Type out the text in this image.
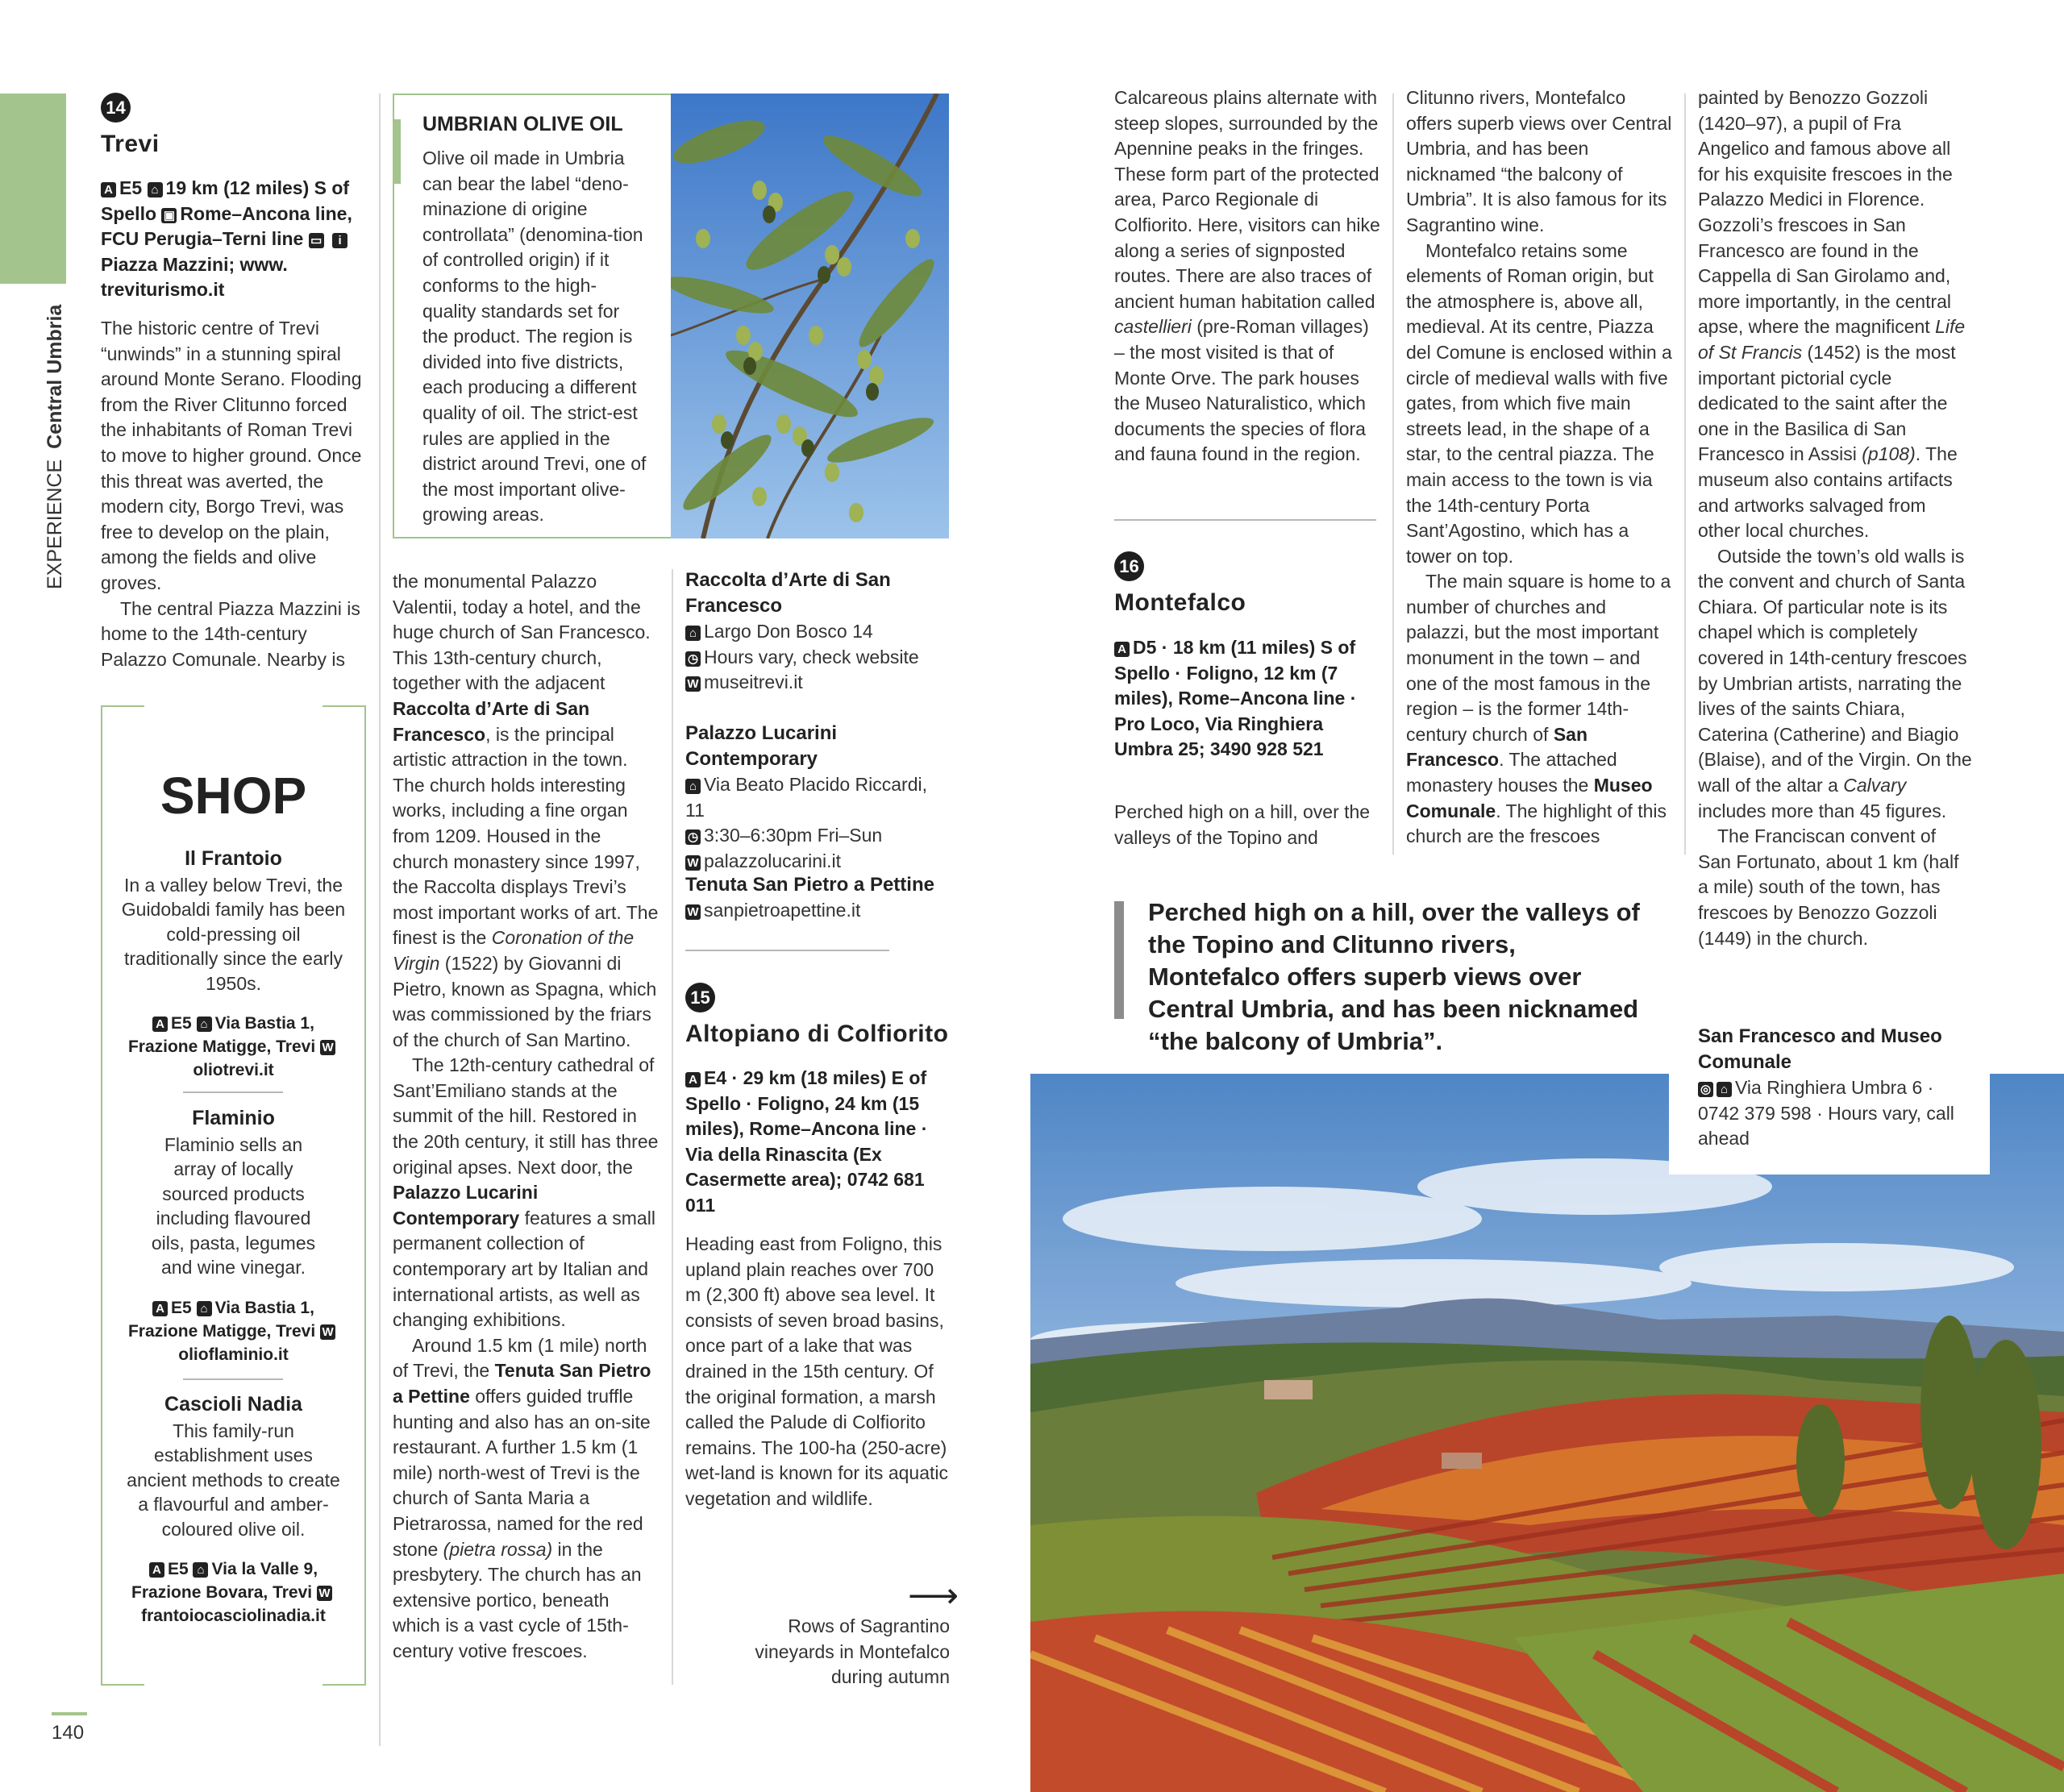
EXPERIENCE Central Umbria
140
14
Trevi
A E5 ⌂ 19 km (12 miles) S of Spello ▣ Rome–Ancona line, FCU Perugia–Terni line ▭ iPiazza Mazzini; www. treviturismo.it

The historic centre of Trevi “unwinds” in a stunning spiral around Monte Serano. Flooding from the River Clitunno forced the inhabitants of Roman Trevi to move to higher ground. Once this threat was averted, the modern city, Borgo Trevi, was free to develop on the plain, among the fields and olive groves.

The central Piazza Mazzini is home to the 14th-century Palazzo Comunale. Nearby is

SHOP
Il Frantoio
In a valley below Trevi, the Guidobaldi family has been cold-pressing oil traditionally since the early 1950s.
A E5 ⌂ Via Bastia 1, Frazione Matigge, Trevi Woliotrevi.it
Flaminio
Flaminio sells an array of locally sourced products including flavoured oils, pasta, legumes and wine vinegar.
A E5 ⌂ Via Bastia 1, Frazione Matigge, Trevi Wolioflaminio.it
Cascioli Nadia
This family-run establishment uses ancient methods to create a flavourful and amber-coloured olive oil.
A E5 ⌂ Via la Valle 9, Frazione Bovara, Trevi Wfrantoiocasciolinadia.it
UMBRIAN OLIVE OIL
Olive oil made in Umbria can bear the label “deno-minazione di origine controllata” (denomina-tion of controlled origin) if it conforms to the high-quality standards set for the product. The region is divided into five districts, each producing a different quality of oil. The strict-est rules are applied in the district around Trevi, one of the most important olive-growing areas.

the monumental Palazzo Valentii, today a hotel, and the huge church of San Francesco. This 13th-century church, together with the adjacent Raccolta d’Arte di San Francesco, is the principal artistic attraction in the town. The church holds interesting works, including a fine organ from 1209. Housed in the church monastery since 1997, the Raccolta displays Trevi’s most important works of art. The finest is the Coronation of the Virgin (1522) by Giovanni di Pietro, known as Spagna, which was commissioned by the friars of the church of San Martino.

The 12th-century cathedral of Sant’Emiliano stands at the summit of the hill. Restored in the 20th century, it still has three original apses. Next door, the Palazzo Lucarini Contemporary features a small permanent collection of contemporary art by Italian and international artists, as well as changing exhibitions.

Around 1.5 km (1 mile) north of Trevi, the Tenuta San Pietro a Pettine offers guided truffle hunting and also has an on-site restaurant. A further 1.5 km (1 mile) north-west of Trevi is the church of Santa Maria a Pietrarossa, named for the red stone (pietra rossa) in the presbytery. The church has an extensive portico, beneath which is a vast cycle of 15th-century votive frescoes.

Raccolta d’Arte di San Francesco
⌂ Largo Don Bosco 14
◷ Hours vary, check website
W museitrevi.it
Palazzo Lucarini Contemporary
⌂ Via Beato Placido Riccardi, 11
◷ 3:30–6:30pm Fri–Sun
W palazzolucarini.it
Tenuta San Pietro a Pettine
W sanpietroapettine.it
15
Altopiano di Colfiorito
A E4 · 29 km (18 miles) E of Spello · Foligno, 24 km (15 miles), Rome–Ancona line · Via della Rinascita (Ex Casermette area); 0742 681 011
Heading east from Foligno, this upland plain reaches over 700 m (2,300 ft) above sea level. It consists of seven broad basins, once part of a lake that was drained in the 15th century. Of the original formation, a marsh called the Palude di Colfiorito remains. The 100-ha (250-acre) wet-land is known for its aquatic vegetation and wildlife.
⟶
Rows of Sagrantino vineyards in Montefalco during autumn

Calcareous plains alternate with steep slopes, surrounded by the Apennine peaks in the fringes. These form part of the protected area, Parco Regionale di Colfiorito. Here, visitors can hike along a series of signposted routes. There are also traces of ancient human habitation called castellieri (pre-Roman villages) – the most visited is that of Monte Orve. The park houses the Museo Naturalistico, which documents the species of flora and fauna found in the region.

16
Montefalco
A D5 · 18 km (11 miles) S of Spello · Foligno, 12 km (7 miles), Rome–Ancona line · Pro Loco, Via Ringhiera Umbra 25; 3490 928 521
Perched high on a hill, over the valleys of the Topino and

Clitunno rivers, Montefalco offers superb views over Central Umbria, and has been nicknamed “the balcony of Umbria”. It is also famous for its Sagrantino wine.

Montefalco retains some elements of Roman origin, but the atmosphere is, above all, medieval. At its centre, Piazza del Comune is enclosed within a circle of medieval walls with five gates, from which five main streets lead, in the shape of a star, to the central piazza. The main access to the town is via the 14th-century Porta Sant’Agostino, which has a tower on top.

The main square is home to a number of churches and palazzi, but the most important monument in the town – and one of the most famous in the region – is the former 14th-century church of San Francesco. The attached monastery houses the Museo Comunale. The highlight of this church are the frescoes

painted by Benozzo Gozzoli (1420–97), a pupil of Fra Angelico and famous above all for his exquisite frescoes in the Palazzo Medici in Florence. Gozzoli’s frescoes in San Francesco are found in the Cappella di San Girolamo and, more importantly, in the central apse, where the magnificent Life of St Francis (1452) is the most important pictorial cycle dedicated to the saint after the one in the Basilica di San Francesco in Assisi (p108). The museum also contains artifacts and artworks salvaged from other local churches.

Outside the town’s old walls is the convent and church of Santa Chiara. Of particular note is its chapel which is completely covered in 14th-century frescoes by Umbrian artists, narrating the lives of the saints Chiara, Caterina (Catherine) and Biagio (Blaise), and of the Virgin. On the wall of the altar a Calvary includes more than 45 figures.

The Franciscan convent of San Fortunato, about 1 km (half a mile) south of the town, has frescoes by Benozzo Gozzoli (1449) in the church.

Perched high on a hill, over the valleys of the Topino and Clitunno rivers, Montefalco offers superb views over Central Umbria, and has been nicknamed “the balcony of Umbria”.	San Francesco and Museo Comunale
◎ ⌂ Via Ringhiera Umbra 6 · 0742 379 598 · Hours vary, call ahead
